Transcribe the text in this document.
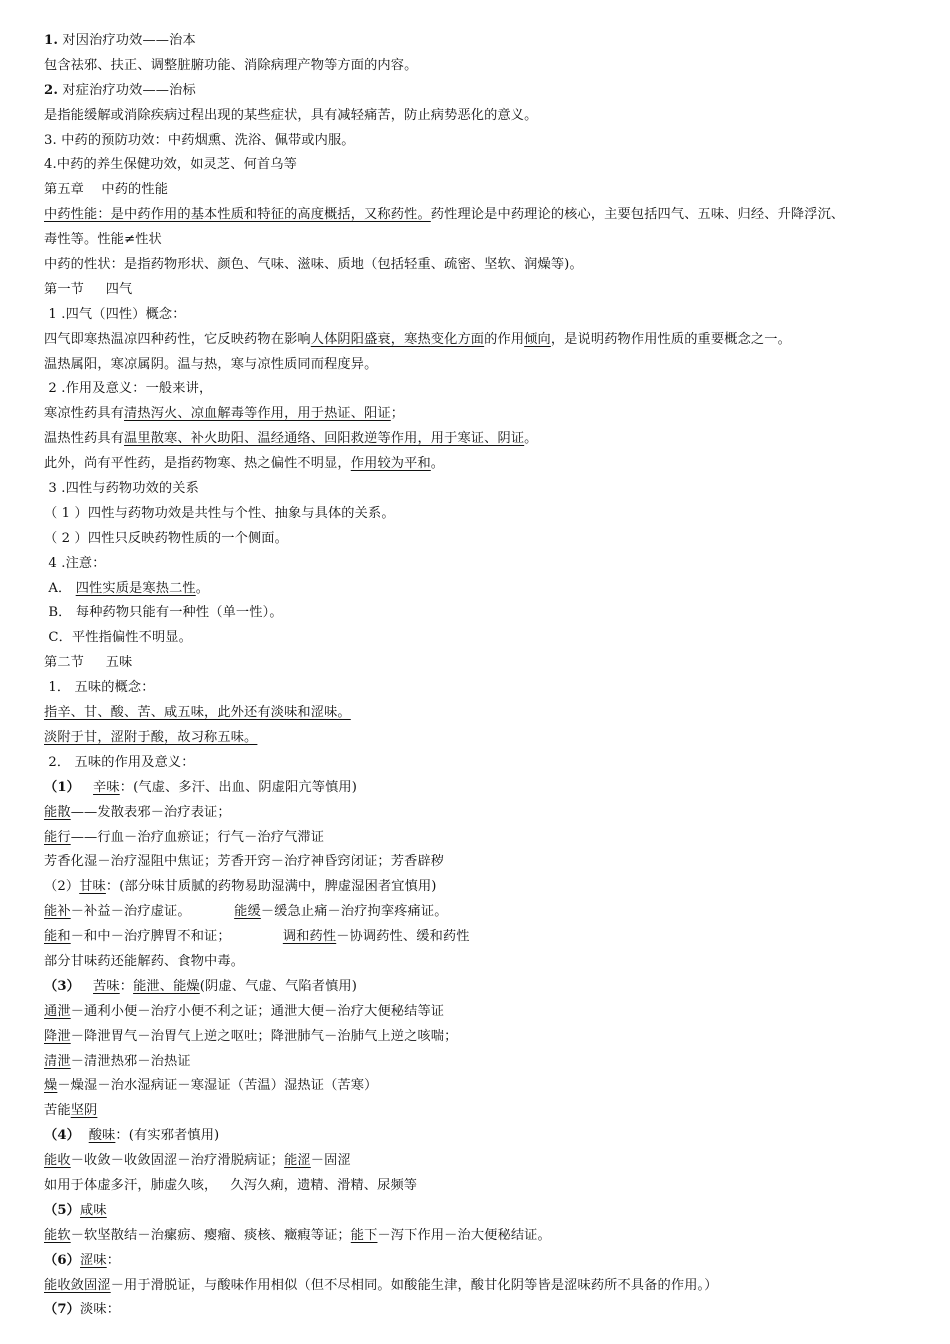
1. 对因治疗功效——治本
包含祛邪、扶正、调整脏腑功能、消除病理产物等方面的内容。
2. 对症治疗功效——治标
是指能缓解或消除疾病过程出现的某些症状，具有减轻痛苦，防止病势恶化的意义。
3. 中药的预防功效：中药烟熏、洗浴、佩带或内服。
4.中药的养生保健功效，如灵芝、何首乌等
第五章    中药的性能
中药性能：是中药作用的基本性质和特征的高度概括，又称药性。药性理论是中药理论的核心，主要包括四气、五味、归经、升降浮沉、
毒性等。性能≠性状
中药的性状：是指药物形状、颜色、气味、滋味、质地（包括轻重、疏密、坚软、润燥等)。
第一节     四气
1 .四气（四性）概念：
四气即寒热温凉四种药性，它反映药物在影响人体阴阳盛衰，寒热变化方面的作用倾向，是说明药物作用性质的重要概念之一。
温热属阳，寒凉属阴。温与热，寒与凉性质同而程度异。
2 .作用及意义：一般来讲，
寒凉性药具有清热泻火、凉血解毒等作用，用于热证、阳证；
温热性药具有温里散寒、补火助阳、温经通络、回阳救逆等作用，用于寒证、阴证。
此外，尚有平性药，是指药物寒、热之偏性不明显，作用较为平和。
3 .四性与药物功效的关系
（ 1 ）四性与药物功效是共性与个性、抽象与具体的关系。
（ 2 ）四性只反映药物性质的一个侧面。
4 .注意：
A． 四性实质是寒热二性。
B． 每种药物只能有一种性（单一性）。
C．平性指偏性不明显。
第二节     五味
1． 五味的概念：
指辛、甘、酸、苦、咸五味，此外还有淡味和涩味。
淡附于甘，涩附于酸，故习称五味。
2． 五味的作用及意义：
（1） 辛味：(气虚、多汗、出血、阴虚阳亢等慎用)
能散——发散表邪－治疗表证；
能行——行血－治疗血瘀证；行气－治疗气滞证
芳香化湿－治疗湿阻中焦证；芳香开窍－治疗神昏窍闭证；芳香辟秽
（2）甘味：(部分味甘质腻的药物易助湿满中，脾虚湿困者宜慎用)
能补－补益－治疗虚证。          能缓－缓急止痛－治疗拘挛疼痛证。
能和－和中－治疗脾胃不和证；            调和药性－协调药性、缓和药性
部分甘味药还能解药、食物中毒。
（3） 苦味：能泄、能燥(阴虚、气虚、气陷者慎用)
通泄－通利小便－治疗小便不利之证；通泄大便－治疗大便秘结等证
降泄－降泄胃气－治胃气上逆之呕吐；降泄肺气－治肺气上逆之咳喘；
清泄－清泄热邪－治热证
燥－燥湿－治水湿病证－寒湿证（苦温）湿热证（苦寒）
苦能坚阴
（4） 酸味：(有实邪者慎用)
能收－收敛－收敛固涩－治疗滑脱病证；能涩－固涩
如用于体虚多汗，肺虚久咳，   久泻久痢，遗精、滑精、尿频等
（5）咸味
能软－软坚散结－治瘰疬、瘿瘤、痰核、癥瘕等证；能下－泻下作用－治大便秘结证。
（6）涩味：
能收敛固涩－用于滑脱证，与酸味作用相似（但不尽相同。如酸能生津，酸甘化阴等皆是涩味药所不具备的作用。）
（7）淡味：
